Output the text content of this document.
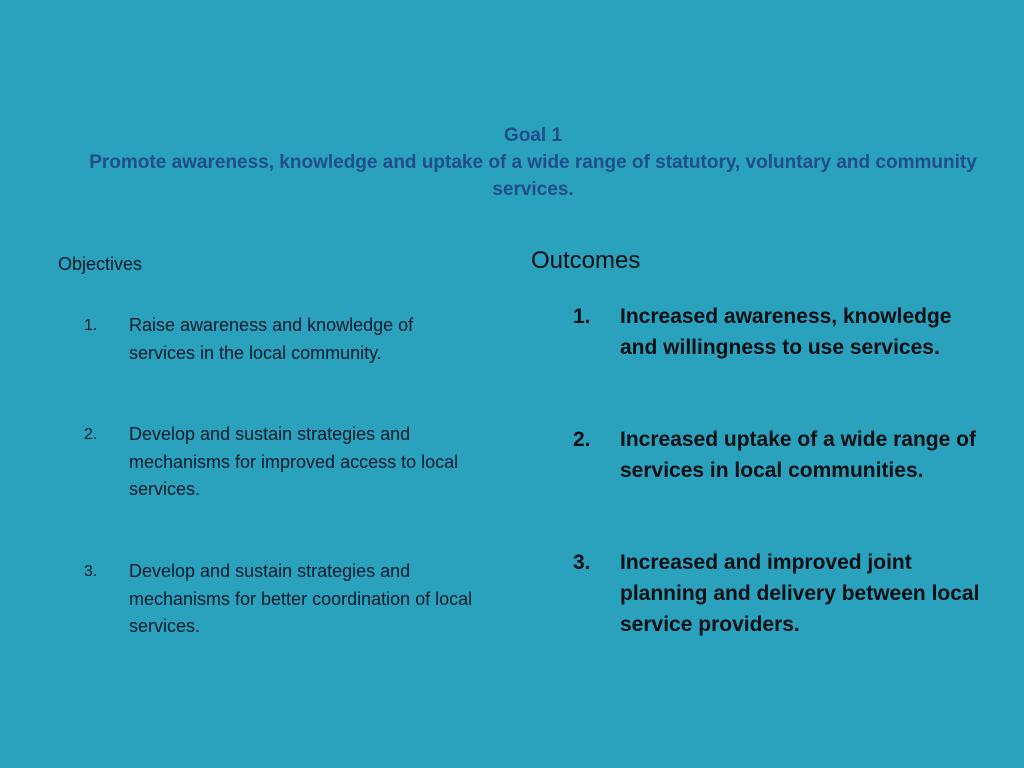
Goal 1
Promote awareness, knowledge and uptake of a wide range of statutory, voluntary and community services.
Objectives
1.	Raise awareness and knowledge of services in the local community.
2.	Develop and sustain strategies and mechanisms for improved access to local services.
3.	Develop and sustain strategies and mechanisms for better coordination of local services.
Outcomes
1.	Increased awareness, knowledge and willingness to use services.
2.	Increased uptake of a wide range of services in local communities.
3.	Increased and improved joint planning and delivery between local service providers.
